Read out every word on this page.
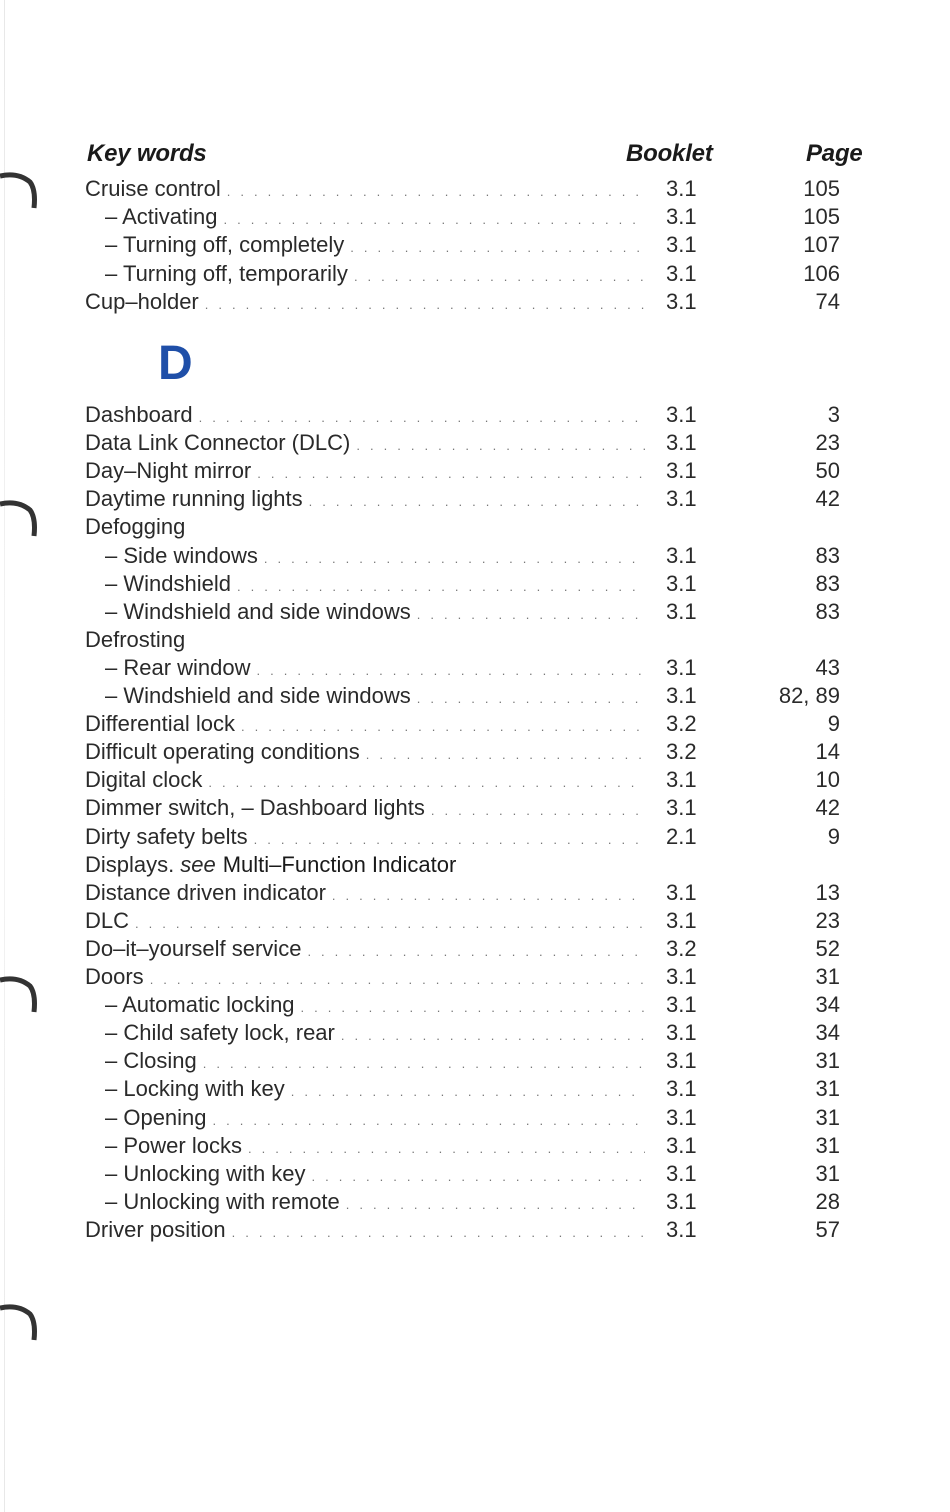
Key words	Booklet	Page
Cruise control . . .	3.1	105
– Activating . . .	3.1	105
– Turning off, completely . . .	3.1	107
– Turning off, temporarily . . .	3.1	106
Cup–holder . . .	3.1	74
D
Dashboard . . .	3.1	3
Data Link Connector (DLC) . . .	3.1	23
Day–Night mirror . . .	3.1	50
Daytime running lights . . .	3.1	42
Defogging
– Side windows . . .	3.1	83
– Windshield . . .	3.1	83
– Windshield and side windows . . .	3.1	83
Defrosting
– Rear window . . .	3.1	43
– Windshield and side windows . . .	3.1	82, 89
Differential lock . . .	3.2	9
Difficult operating conditions . . .	3.2	14
Digital clock . . .	3.1	10
Dimmer switch, – Dashboard lights . . .	3.1	42
Dirty safety belts . . .	2.1	9
Displays. see Multi–Function Indicator
Distance driven indicator . . .	3.1	13
DLC . . .	3.1	23
Do–it–yourself service . . .	3.2	52
Doors . . .	3.1	31
– Automatic locking . . .	3.1	34
– Child safety lock, rear . . .	3.1	34
– Closing . . .	3.1	31
– Locking with key . . .	3.1	31
– Opening . . .	3.1	31
– Power locks . . .	3.1	31
– Unlocking with key . . .	3.1	31
– Unlocking with remote . . .	3.1	28
Driver position . . .	3.1	57
